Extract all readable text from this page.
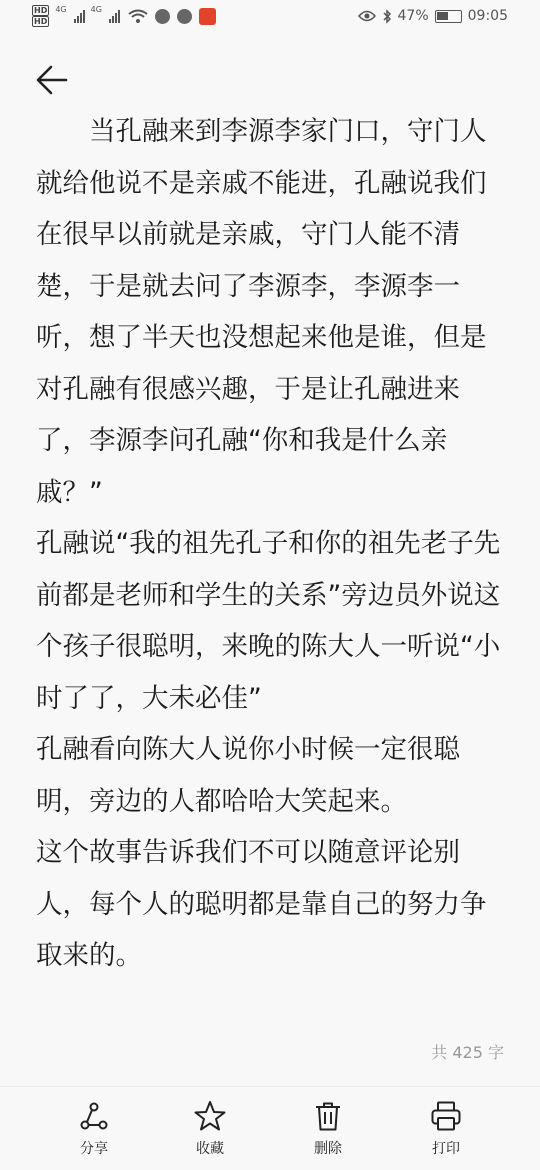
HD
HD
4G	4G	47%	09:05
当孔融来到李源李家门口，守门人就给他说不是亲戚不能进，孔融说我们在很早以前就是亲戚，守门人能不清楚，于是就去问了李源李，李源李一听，想了半天也没想起来他是谁，但是对孔融有很感兴趣，于是让孔融进来了，李源李问孔融“你和我是什么亲戚？”
孔融说“我的祖先孔子和你的祖先老子先前都是老师和学生的关系”旁边员外说这个孩子很聪明，来晚的陈大人一听说“小时了了，大未必佳”
孔融看向陈大人说你小时候一定很聪明，旁边的人都哈哈大笑起来。
这个故事告诉我们不可以随意评论别人，每个人的聪明都是靠自己的努力争取来的。
共 425 字
分享	收藏	删除	打印
